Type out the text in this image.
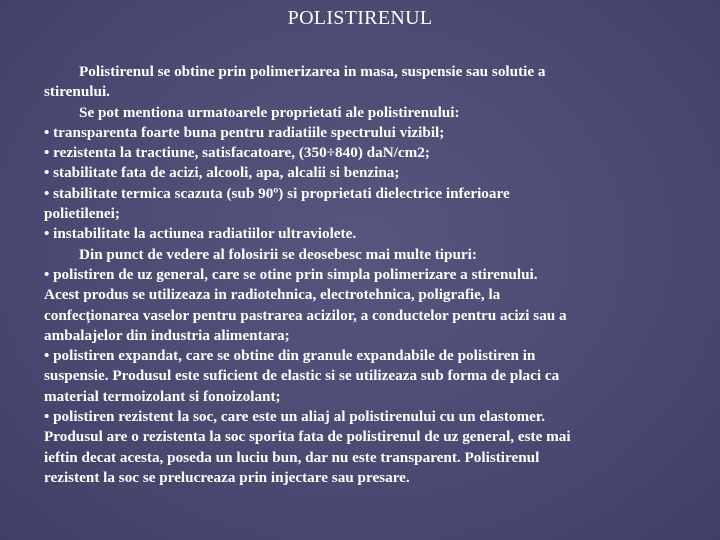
POLISTIRENUL
Polistirenul se obtine prin polimerizarea in masa, suspensie sau solutie a
stirenului.
Se pot mentiona urmatoarele proprietati ale polistirenului:
• transparenta foarte buna pentru radiatiile spectrului vizibil;
• rezistenta la tractiune, satisfacatoare, (350÷840) daN/cm2;
• stabilitate fata de acizi, alcooli, apa, alcalii si benzina;
• stabilitate termica scazuta (sub 90º) si proprietati dielectrice inferioare
polietilenei;
• instabilitate la actiunea radiatiilor ultraviolete.
Din punct de vedere al folosirii se deosebesc mai multe tipuri:
• polistiren de uz general, care se otine prin simpla polimerizare a stirenului.
Acest produs se utilizeaza in radiotehnica, electrotehnica, poligrafie, la
confecționarea vaselor pentru pastrarea acizilor, a conductelor pentru acizi sau a
ambalajelor din industria alimentara;
• polistiren expandat, care se obtine din granule expandabile de polistiren in
suspensie. Produsul este suficient de elastic si se utilizeaza sub forma de placi ca
material termoizolant si fonoizolant;
• polistiren rezistent la soc, care este un aliaj al polistirenului cu un elastomer.
Produsul are o rezistenta la soc sporita fata de polistirenul de uz general, este mai
ieftin decat acesta, poseda un luciu bun, dar nu este transparent. Polistirenul
rezistent la soc se prelucreaza prin injectare sau presare.
